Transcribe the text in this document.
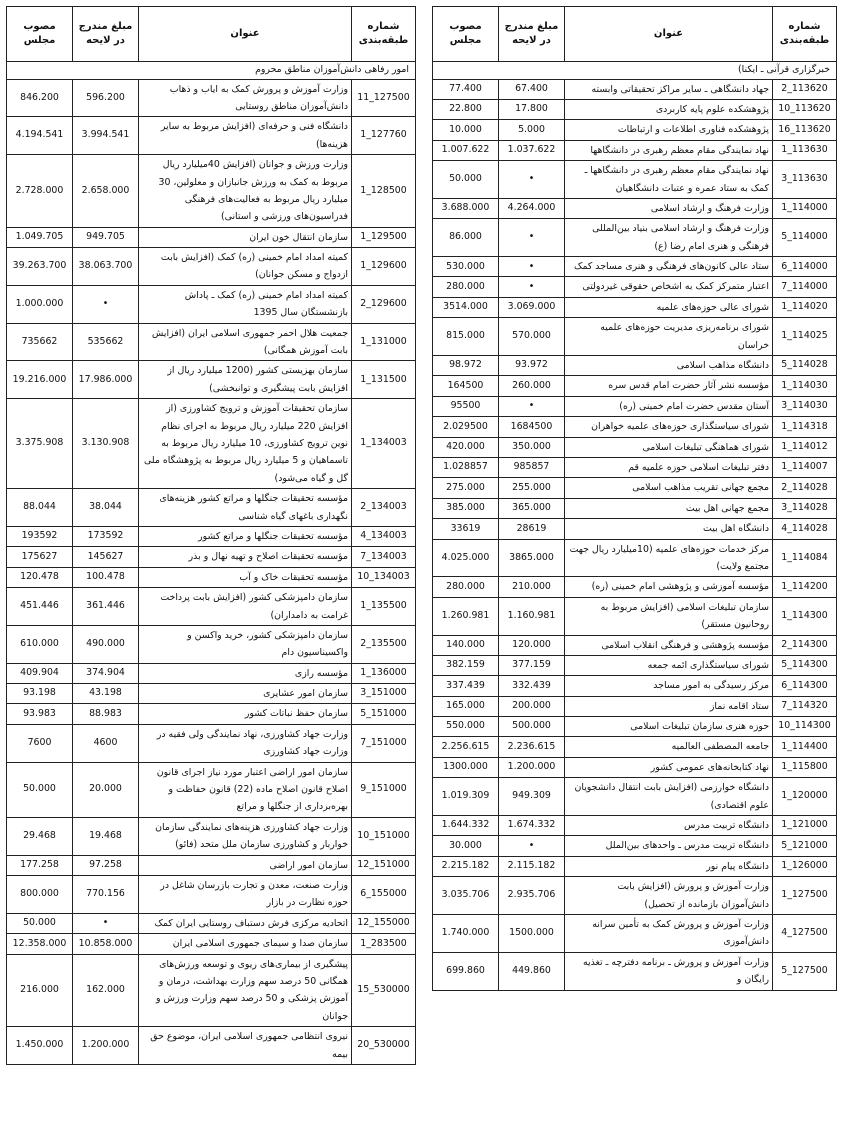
شماره طبقه‌بندی	عنوان	مبلغ مندرج در لایحه	مصوب مجلس
خبرگزاری قرآنی ـ ایکنا)			
113620_2	جهاد دانشگاهی ـ سایر مراکز تحقیقاتی وابسته	67.400	77.400
113620_10	پژوهشکده علوم پایه کاربردی	17.800	22.800
113620_16	پژوهشکده فناوری اطلاعات و ارتباطات	5.000	10.000
113630_1	نهاد نمایندگی مقام معظم رهبری در دانشگاهها	1.037.622	1.007.622
113630_3	نهاد نمایندگی مقام معظم رهبری در دانشگاهها ـ کمک به ستاد عمره و عتبات دانشگاهیان	•	50.000
114000_1	وزارت فرهنگ و ارشاد اسلامی	4.264.000	3.688.000
114000_5	وزارت فرهنگ و ارشاد اسلامی بنیاد بین‌المللی فرهنگی و هنری امام رضا (ع)	•	86.000
114000_6	ستاد عالی کانون‌های فرهنگی و هنری مساجد کمک	•	530.000
114000_7	اعتبار متمرکز کمک به اشخاص حقوقی غیردولتی	•	280.000
114020_1	شورای عالی حوزه‌های علمیه	3.069.000	3514.000
114025_1	شورای برنامه‌ریزی مدیریت حوزه‌های علمیه خراسان	570.000	815.000
114028_5	دانشگاه مذاهب اسلامی	93.972	98.972
114030_1	مؤسسه نشر آثار حضرت امام قدس سره	260.000	164500
114030_3	آستان مقدس حضرت امام خمینی (ره)	•	95500
114318_1	شورای سیاستگذاری حوزه‌های علمیه خواهران	1684500	2.029500
114012_1	شورای هماهنگی تبلیغات اسلامی	350.000	420.000
114007_1	دفتر تبلیغات اسلامی حوزه علمیه قم	985857	1.028857
114028_2	مجمع جهانی تقریب مذاهب اسلامی	255.000	275.000
114028_3	مجمع جهانی اهل بیت	365.000	385.000
114028_4	دانشگاه اهل بیت	28619	33619
114084_1	مرکز خدمات حوزه‌های علمیه (10میلیارد ریال جهت مجتمع ولایت)	3865.000	4.025.000
114200_1	مؤسسه آموزشی و پژوهشی امام خمینی (ره)	210.000	280.000
114300_1	سازمان تبلیغات اسلامی (افزایش مربوط به روحانیون مستقر)	1.160.981	1.260.981
114300_2	مؤسسه پژوهشی و فرهنگی انقلاب اسلامی	120.000	140.000
114300_5	شورای سیاستگذاری ائمه جمعه	377.159	382.159
114300_6	مرکز رسیدگی به امور مساجد	332.439	337.439
114320_7	ستاد اقامه نماز	200.000	165.000
114300_10	حوزه هنری سازمان تبلیغات اسلامی	500.000	550.000
114400_1	جامعه المصطفی العالمیه	2.236.615	2.256.615
115800_1	نهاد کتابخانه‌های عمومی کشور	1.200.000	1300.000
120000_1	دانشگاه خوارزمی (افزایش بابت انتقال دانشجویان علوم اقتصادی)	949.309	1.019.309
121000_1	دانشگاه تربیت مدرس	1.674.332	1.644.332
121000_5	دانشگاه تربیت مدرس ـ واحدهای بین‌الملل	•	30.000
126000_1	دانشگاه پیام نور	2.115.182	2.215.182
127500_1	وزارت آموزش و پرورش (افزایش بابت دانش‌آموزان بازمانده از تحصیل)	2.935.706	3.035.706
127500_4	وزارت آموزش و پرورش کمک به تأمین سرانه دانش‌آموزی	1500.000	1.740.000
127500_5	وزارت آموزش و پرورش ـ برنامه دفترچه ـ تغذیه رایگان و	449.860	699.860
شماره طبقه‌بندی	عنوان	مبلغ مندرج در لایحه	مصوب مجلس
امور رفاهی دانش‌آموزان مناطق محروم			
127500_11	وزارت آموزش و پرورش کمک به ایاب و ذهاب دانش‌آموزان مناطق روستایی	596.200	846.200
127760_1	دانشگاه فنی و حرفه‌ای (افزایش مربوط به سایر هزینه‌ها)	3.994.541	4.194.541
128500_1	وزارت ورزش و جوانان (افزایش 40میلیارد ریال مربوط به کمک به ورزش جانبازان و معلولین، 30 میلیارد ریال مربوط به فعالیت‌های فرهنگی فدراسیون‌های ورزشی و استانی)	2.658.000	2.728.000
129500_1	سازمان انتقال خون ایران	949.705	1.049.705
129600_1	کمیته امداد امام خمینی (ره) کمک (افزایش بابت ازدواج و مسکن جوانان)	38.063.700	39.263.700
129600_2	کمیته امداد امام خمینی (ره) کمک ـ پاداش بازنشستگان سال 1395	•	1.000.000
131000_1	جمعیت هلال احمر جمهوری اسلامی ایران (افزایش بابت آموزش همگانی)	535662	735662
131500_1	سازمان بهزیستی کشور (1200 میلیارد ریال از افزایش بابت پیشگیری و توانبخشی)	17.986.000	19.216.000
134003_1	سازمان تحقیقات آموزش و ترویج کشاورزی (از افزایش 220 میلیارد ریال مربوط به اجرای نظام نوین ترویج کشاورزی، 10 میلیارد ریال مربوط به تاسماهیان و 5 میلیارد ریال مربوط به پژوهشگاه ملی گل و گیاه می‌شود)	3.130.908	3.375.908
134003_2	مؤسسه تحقیقات جنگلها و مراتع کشور هزینه‌های نگهداری باغهای گیاه شناسی	38.044	88.044
134003_4	مؤسسه تحقیقات جنگلها و مراتع کشور	173592	193592
134003_7	مؤسسه تحقیقات اصلاح و تهیه نهال و بذر	145627	175627
134003_10	مؤسسه تحقیقات خاک و آب	100.478	120.478
135500_1	سازمان دامپزشکی کشور (افزایش بابت پرداخت غرامت به دامداران)	361.446	451.446
135500_2	سازمان دامپزشکی کشور، خرید واکسن و واکسیناسیون دام	490.000	610.000
136000_1	مؤسسه رازی	374.904	409.904
151000_3	سازمان امور عشایری	43.198	93.198
151000_5	سازمان حفظ نباتات کشور	88.983	93.983
151000_7	وزارت جهاد کشاورزی، نهاد نمایندگی ولی فقیه در وزارت جهاد کشاورزی	4600	7600
151000_9	سازمان امور اراضی اعتبار مورد نیاز اجرای قانون اصلاح قانون اصلاح ماده (22) قانون حفاظت و بهره‌برداری از جنگلها و مراتع	20.000	50.000
151000_10	وزارت جهاد کشاورزی هزینه‌های نمایندگی سازمان خواربار و کشاورزی سازمان ملل متحد (فائو)	19.468	29.468
151000_12	سازمان امور اراضی	97.258	177.258
155000_6	وزارت صنعت، معدن و تجارت بازرسان شاغل در حوزه نظارت در بازار	770.156	800.000
155000_12	اتحادیه مرکزی فرش دستباف روستایی ایران کمک	•	50.000
283500_1	سازمان صدا و سیمای جمهوری اسلامی ایران	10.858.000	12.358.000
530000_15	پیشگیری از بیماری‌های ریوی و توسعه ورزش‌های همگانی 50 درصد سهم وزارت بهداشت، درمان و آموزش پزشکی و 50 درصد سهم وزارت ورزش و جوانان	162.000	216.000
530000_20	نیروی انتظامی جمهوری اسلامی ایران، موضوع حق بیمه	1.200.000	1.450.000
